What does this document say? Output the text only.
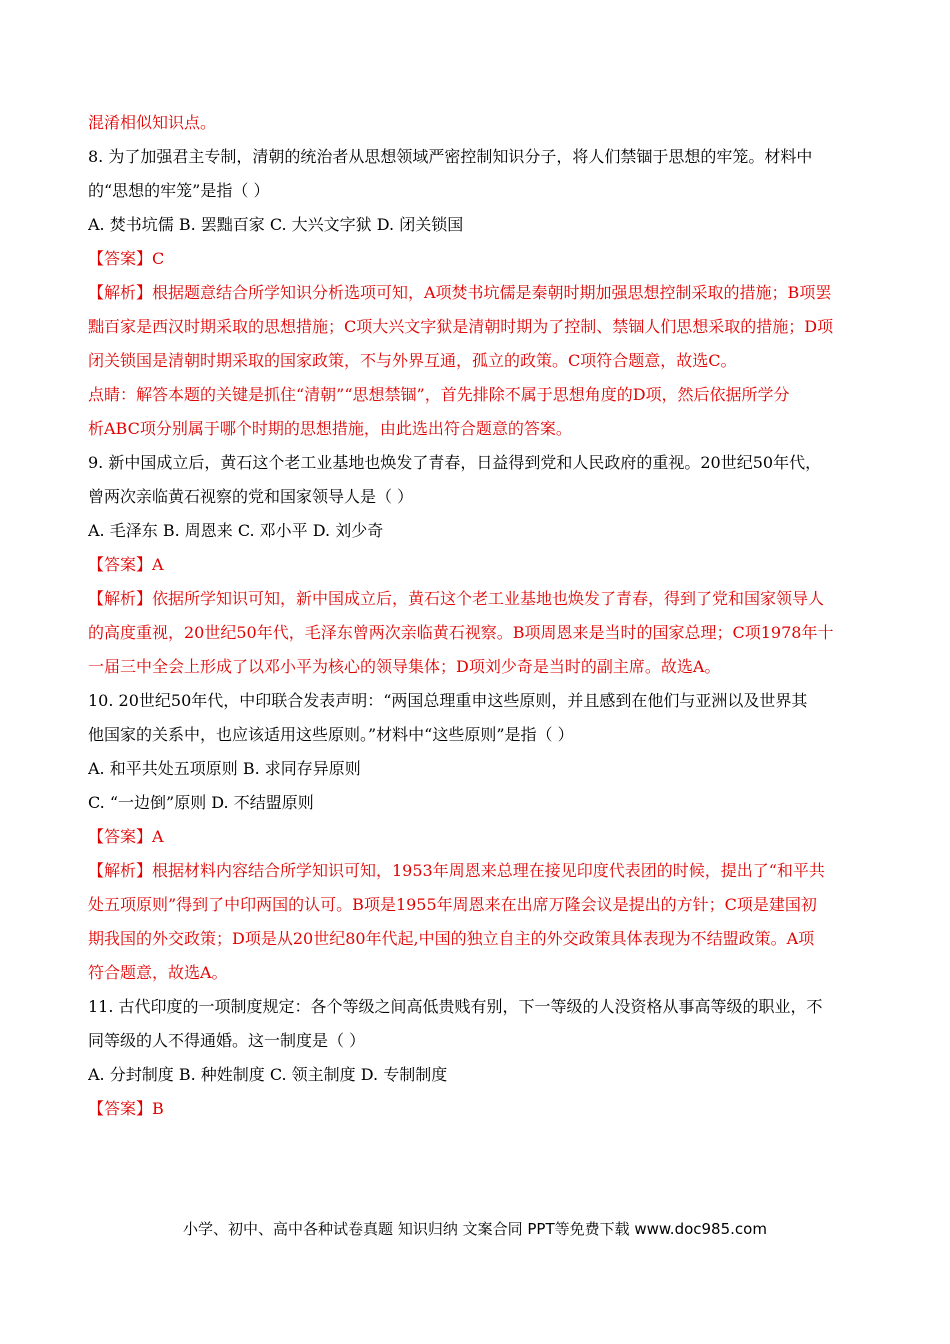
混淆相似知识点。
8. 为了加强君主专制，清朝的统治者从思想领域严密控制知识分子，将人们禁锢于思想的牢笼。材料中
的“思想的牢笼”是指（ ）
A. 焚书坑儒 B. 罢黜百家 C. 大兴文字狱 D. 闭关锁国
【答案】C
【解析】根据题意结合所学知识分析选项可知，A项焚书坑儒是秦朝时期加强思想控制采取的措施；B项罢
黜百家是西汉时期采取的思想措施；C项大兴文字狱是清朝时期为了控制、禁锢人们思想采取的措施；D项
闭关锁国是清朝时期采取的国家政策，不与外界互通，孤立的政策。C项符合题意，故选C。
点睛：解答本题的关键是抓住“清朝”“思想禁锢”，首先排除不属于思想角度的D项，然后依据所学分
析ABC项分别属于哪个时期的思想措施，由此选出符合题意的答案。
9. 新中国成立后，黄石这个老工业基地也焕发了青春，日益得到党和人民政府的重视。20世纪50年代，
曾两次亲临黄石视察的党和国家领导人是（ ）
A. 毛泽东 B. 周恩来 C. 邓小平 D. 刘少奇
【答案】A
【解析】依据所学知识可知，新中国成立后，黄石这个老工业基地也焕发了青春，得到了党和国家领导人
的高度重视，20世纪50年代，毛泽东曾两次亲临黄石视察。B项周恩来是当时的国家总理；C项1978年十
一届三中全会上形成了以邓小平为核心的领导集体；D项刘少奇是当时的副主席。故选A。
10. 20世纪50年代，中印联合发表声明：“两国总理重申这些原则，并且感到在他们与亚洲以及世界其
他国家的关系中，也应该适用这些原则。”材料中“这些原则”是指（ ）
A. 和平共处五项原则 B. 求同存异原则
C. “一边倒”原则 D. 不结盟原则
【答案】A
【解析】根据材料内容结合所学知识可知，1953年周恩来总理在接见印度代表团的时候，提出了“和平共
处五项原则”得到了中印两国的认可。B项是1955年周恩来在出席万隆会议是提出的方针；C项是建国初
期我国的外交政策；D项是从20世纪80年代起,中国的独立自主的外交政策具体表现为不结盟政策。A项
符合题意，故选A。
11. 古代印度的一项制度规定：各个等级之间高低贵贱有别，下一等级的人没资格从事高等级的职业，不
同等级的人不得通婚。这一制度是（ ）
A. 分封制度 B. 种姓制度 C. 领主制度 D. 专制制度
【答案】B
小学、初中、高中各种试卷真题 知识归纳 文案合同 PPT等免费下载 www.doc985.com
